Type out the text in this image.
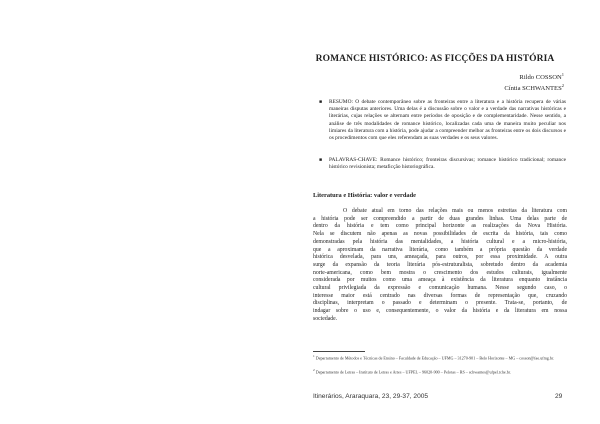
ROMANCE HISTÓRICO: AS FICÇÕES DA HISTÓRIA
Rildo COSSON$^1$
Cíntia SCHWANTES$^2$
■ RESUMO: O debate contemporâneo sobre as fronteiras entre a literatura e a história recupera de várias maneiras disputas anteriores. Uma delas é a discussão sobre o valor e a verdade das narrativas históricas e literárias, cujas relações se alternam entre períodos de oposição e de complementaridade. Nesse sentido, a análise de três modalidades de romance histórico, localizadas cada uma de maneira muito peculiar nos limiares da literatura com a história, pode ajudar a compreender melhor as fronteiras entre os dois discursos e os procedimentos com que eles referendam as suas verdades e os seus valores.
■ PALAVRAS-CHAVE: Romance histórico; fronteiras discursivas; romance histórico tradicional; romance histórico revisionista; metaficção historiográfica.
Literatura e História: valor e verdade
O debate atual em torno das relações mais ou menos estreitas da literatura com
a história pode ser compreendido a partir de duas grandes linhas. Uma delas parte de
dentro da história e tem como principal horizonte as realizações da Nova História.
Nela se discutem não apenas as novas possibilidades de escrita da história, tais como
demonstradas pela história das mentalidades, a história cultural e a micro-história,
que a aproximam da narrativa literária, como também a própria questão da verdade
histórica desvelada, para uns, ameaçada, para outros, por essa proximidade. A outra
surge da expansão da teoria literária pós-estruturalista, sobretudo dentro da academia
norte-americana, como bem mostra o crescimento dos estudos culturais, igualmente
considerada por muitos como uma ameaça à existência da literatura enquanto instância
cultural privilegiada da expressão e comunicação humana. Nesse segundo caso, o
interesse maior está centrado nas diversas formas de representação que, cruzando
disciplinas, interpretam o passado e determinam o presente. Trata-se, portanto, de
indagar sobre o uso e, consequentemente, o valor da história e da literatura em nossa
sociedade.
$^1$ Departamento de Métodos e Técnicas de Ensino – Faculdade de Educação – UFMG – 31270-901 – Belo Horizonte – MG – cosson@fae.ufmg.br.
$^2$ Departamento de Letras – Instituto de Letras e Artes – UFPEL – 96020-900 – Pelotas – RS – schwantes@ufpel.tche.br.
Itinerários, Araraquara, 23, 29-37, 2005	29
